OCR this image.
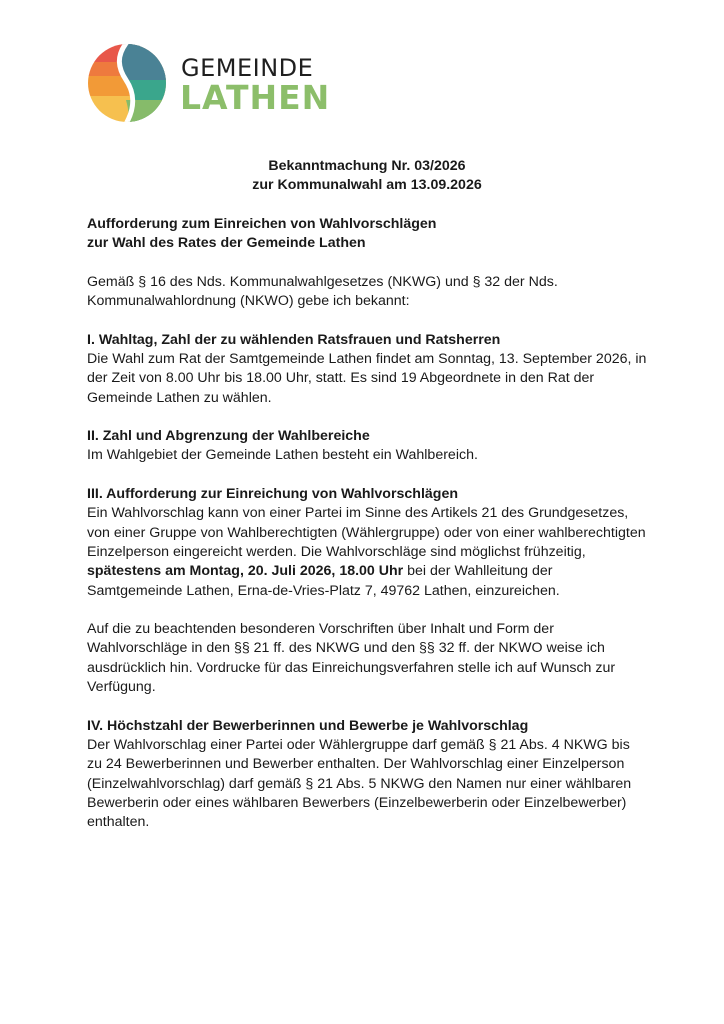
GEMEINDE
LATHEN

Bekanntmachung Nr. 03/2026

zur Kommunalwahl am 13.09.2026

Aufforderung zum Einreichen von Wahlvorschlägen

zur Wahl des Rates der Gemeinde Lathen

Gemäß § 16 des Nds. Kommunalwahlgesetzes (NKWG) und § 32 der Nds. Kommunalwahlordnung (NKWO) gebe ich bekannt:

I. Wahltag, Zahl der zu wählenden Ratsfrauen und Ratsherren

Die Wahl zum Rat der Samtgemeinde Lathen findet am Sonntag, 13. September 2026, in der Zeit von 8.00 Uhr bis 18.00 Uhr, statt. Es sind 19 Abgeordnete in den Rat der Gemeinde Lathen zu wählen.

II. Zahl und Abgrenzung der Wahlbereiche

Im Wahlgebiet der Gemeinde Lathen besteht ein Wahlbereich.

III. Aufforderung zur Einreichung von Wahlvorschlägen

Ein Wahlvorschlag kann von einer Partei im Sinne des Artikels 21 des Grundgesetzes, von einer Gruppe von Wahlberechtigten (Wählergruppe) oder von einer wahlberechtigten Einzelperson eingereicht werden. Die Wahlvorschläge sind möglichst frühzeitig, spätestens am Montag, 20. Juli 2026, 18.00 Uhr bei der Wahlleitung der Samtgemeinde Lathen, Erna-de-Vries-Platz 7, 49762 Lathen, einzureichen.

Auf die zu beachtenden besonderen Vorschriften über Inhalt und Form der Wahlvorschläge in den §§ 21 ff. des NKWG und den §§ 32 ff. der NKWO weise ich ausdrücklich hin. Vordrucke für das Einreichungsverfahren stelle ich auf Wunsch zur Verfügung.

IV. Höchstzahl der Bewerberinnen und Bewerbe je Wahlvorschlag

Der Wahlvorschlag einer Partei oder Wählergruppe darf gemäß § 21 Abs. 4 NKWG bis zu 24 Bewerberinnen und Bewerber enthalten. Der Wahlvorschlag einer Einzelperson (Einzelwahlvorschlag) darf gemäß § 21 Abs. 5 NKWG den Namen nur einer wählbaren Bewerberin oder eines wählbaren Bewerbers (Einzelbewerberin oder Einzelbewerber) enthalten.
